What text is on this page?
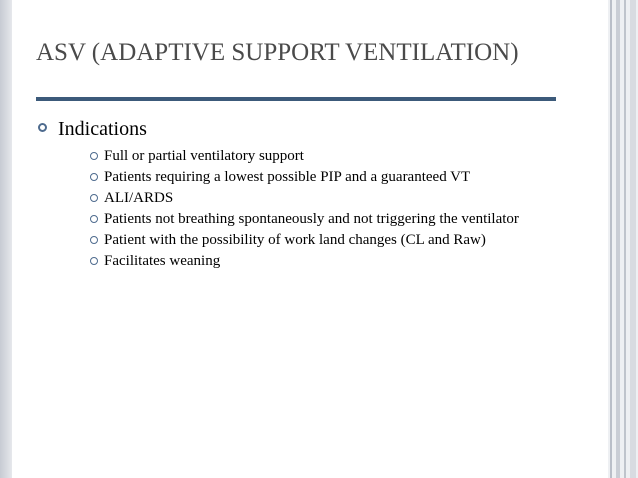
ASV (ADAPTIVE SUPPORT VENTILATION)
Indications
Full or partial ventilatory support
Patients requiring a lowest possible PIP and a guaranteed VT
ALI/ARDS
Patients not breathing spontaneously and not triggering the ventilator
Patient with the possibility of work land changes (CL and Raw)
Facilitates weaning
